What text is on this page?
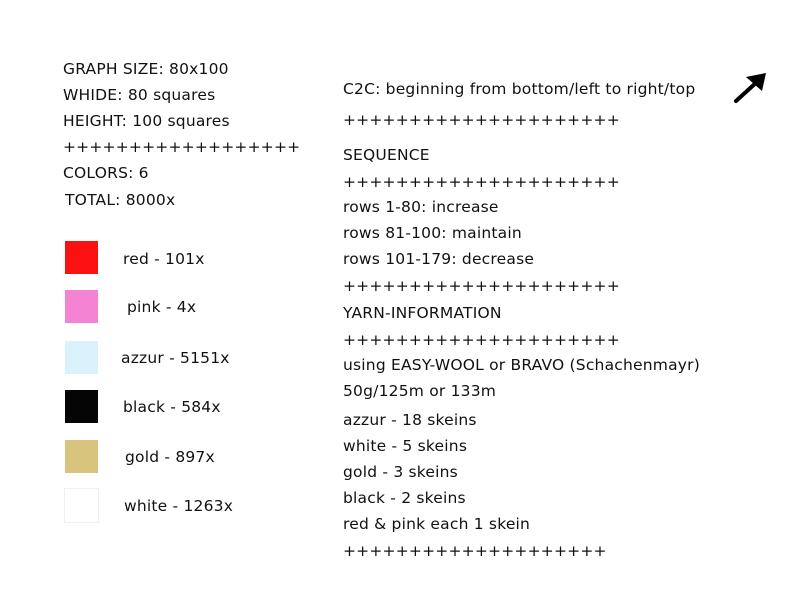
GRAPH SIZE: 80x100
WHIDE: 80 squares
HEIGHT: 100 squares
++++++++++++++++++
COLORS: 6
TOTAL: 8000x
red - 101x
pink - 4x
azzur - 5151x
black - 584x
gold - 897x
white - 1263x
C2C: beginning from bottom/left to right/top
+++++++++++++++++++++
SEQUENCE
+++++++++++++++++++++
rows 1-80: increase
rows 81-100: maintain
rows 101-179: decrease
+++++++++++++++++++++
YARN-INFORMATION
+++++++++++++++++++++
using EASY-WOOL or BRAVO (Schachenmayr)
50g/125m or 133m
azzur - 18 skeins
white - 5 skeins
gold - 3 skeins
black - 2 skeins
red & pink each 1 skein
++++++++++++++++++++
